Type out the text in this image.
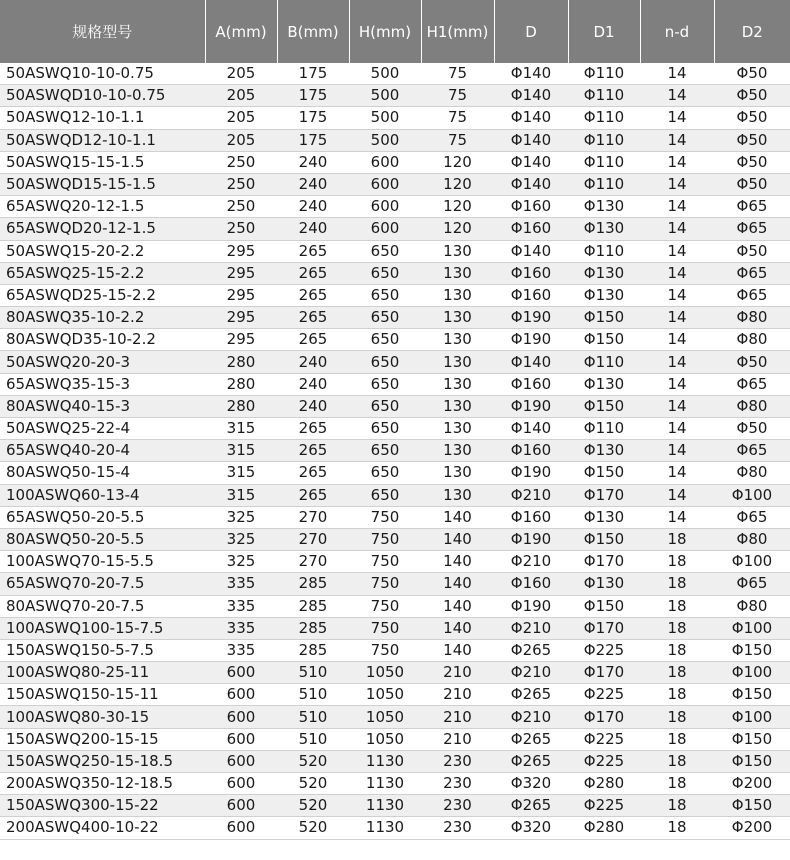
规格型号	A(mm)	B(mm)	H(mm)	H1(mm)	D	D1	n-d	D2
50ASWQ10-10-0.75	205	175	500	75	Φ140	Φ110	14	Φ50
50ASWQD10-10-0.75	205	175	500	75	Φ140	Φ110	14	Φ50
50ASWQ12-10-1.1	205	175	500	75	Φ140	Φ110	14	Φ50
50ASWQD12-10-1.1	205	175	500	75	Φ140	Φ110	14	Φ50
50ASWQ15-15-1.5	250	240	600	120	Φ140	Φ110	14	Φ50
50ASWQD15-15-1.5	250	240	600	120	Φ140	Φ110	14	Φ50
65ASWQ20-12-1.5	250	240	600	120	Φ160	Φ130	14	Φ65
65ASWQD20-12-1.5	250	240	600	120	Φ160	Φ130	14	Φ65
50ASWQ15-20-2.2	295	265	650	130	Φ140	Φ110	14	Φ50
65ASWQ25-15-2.2	295	265	650	130	Φ160	Φ130	14	Φ65
65ASWQD25-15-2.2	295	265	650	130	Φ160	Φ130	14	Φ65
80ASWQ35-10-2.2	295	265	650	130	Φ190	Φ150	14	Φ80
80ASWQD35-10-2.2	295	265	650	130	Φ190	Φ150	14	Φ80
50ASWQ20-20-3	280	240	650	130	Φ140	Φ110	14	Φ50
65ASWQ35-15-3	280	240	650	130	Φ160	Φ130	14	Φ65
80ASWQ40-15-3	280	240	650	130	Φ190	Φ150	14	Φ80
50ASWQ25-22-4	315	265	650	130	Φ140	Φ110	14	Φ50
65ASWQ40-20-4	315	265	650	130	Φ160	Φ130	14	Φ65
80ASWQ50-15-4	315	265	650	130	Φ190	Φ150	14	Φ80
100ASWQ60-13-4	315	265	650	130	Φ210	Φ170	14	Φ100
65ASWQ50-20-5.5	325	270	750	140	Φ160	Φ130	14	Φ65
80ASWQ50-20-5.5	325	270	750	140	Φ190	Φ150	18	Φ80
100ASWQ70-15-5.5	325	270	750	140	Φ210	Φ170	18	Φ100
65ASWQ70-20-7.5	335	285	750	140	Φ160	Φ130	18	Φ65
80ASWQ70-20-7.5	335	285	750	140	Φ190	Φ150	18	Φ80
100ASWQ100-15-7.5	335	285	750	140	Φ210	Φ170	18	Φ100
150ASWQ150-5-7.5	335	285	750	140	Φ265	Φ225	18	Φ150
100ASWQ80-25-11	600	510	1050	210	Φ210	Φ170	18	Φ100
150ASWQ150-15-11	600	510	1050	210	Φ265	Φ225	18	Φ150
100ASWQ80-30-15	600	510	1050	210	Φ210	Φ170	18	Φ100
150ASWQ200-15-15	600	510	1050	210	Φ265	Φ225	18	Φ150
150ASWQ250-15-18.5	600	520	1130	230	Φ265	Φ225	18	Φ150
200ASWQ350-12-18.5	600	520	1130	230	Φ320	Φ280	18	Φ200
150ASWQ300-15-22	600	520	1130	230	Φ265	Φ225	18	Φ150
200ASWQ400-10-22	600	520	1130	230	Φ320	Φ280	18	Φ200
